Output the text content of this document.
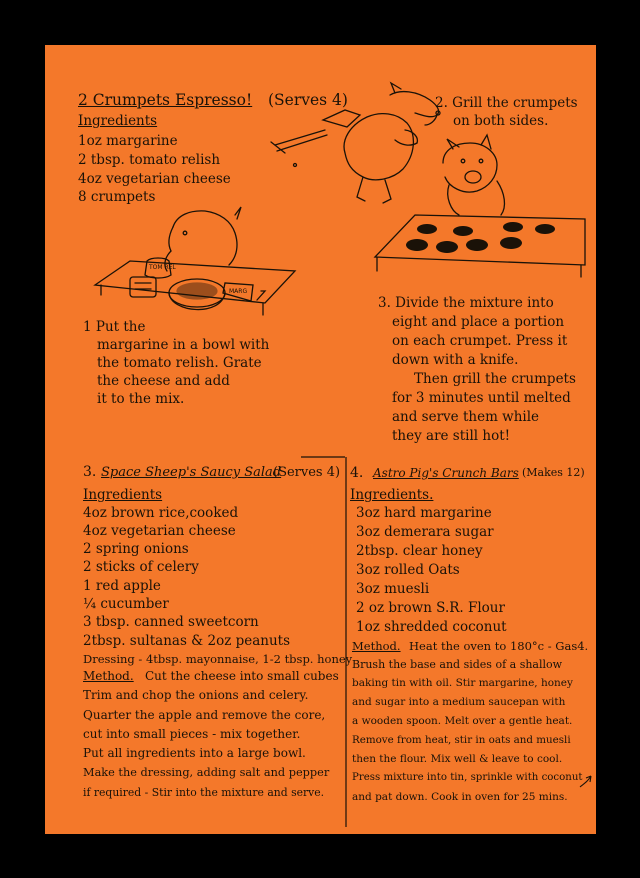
2 Crumpets Espresso! (Serves 4)
Ingredients
1oz margarine
2 tbsp. tomato relish
4oz vegetarian cheese
8 crumpets
2. Grill the crumpets
on both sides.
1 Put the
margarine in a bowl with
the tomato relish. Grate
the cheese and add
it to the mix.
3. Divide the mixture into
eight and place a portion
on each crumpet. Press it
down with a knife.
Then grill the crumpets
for 3 minutes until melted
and serve them while
they are still hot!
3. Space Sheep's Saucy Salad
(Serves 4)
Ingredients
4oz brown rice,cooked
4oz vegetarian cheese
2 spring onions
2 sticks of celery
1 red apple
¼ cucumber
3 tbsp. canned sweetcorn
2tbsp. sultanas & 2oz peanuts
Dressing - 4tbsp. mayonnaise, 1-2 tbsp. honey
Method. Cut the cheese into small cubes
Trim and chop the onions and celery.
Quarter the apple and remove the core,
cut into small pieces - mix together.
Put all ingredients into a large bowl.
Make the dressing, adding salt and pepper
if required - Stir into the mixture and serve.
4. Astro Pig's Crunch Bars (Makes 12)
Ingredients.
3oz hard margarine
3oz demerara sugar
2tbsp. clear honey
3oz rolled Oats
3oz muesli
2 oz brown S.R. Flour
1oz shredded coconut
Method. Heat the oven to 180°c - Gas4.
Brush the base and sides of a shallow
baking tin with oil. Stir margarine, honey
and sugar into a medium saucepan with
a wooden spoon. Melt over a gentle heat.
Remove from heat, stir in oats and muesli
then the flour. Mix well & leave to cool.
Press mixture into tin, sprinkle with coconut
and pat down. Cook in oven for 25 mins.
TOM REL
MARG
